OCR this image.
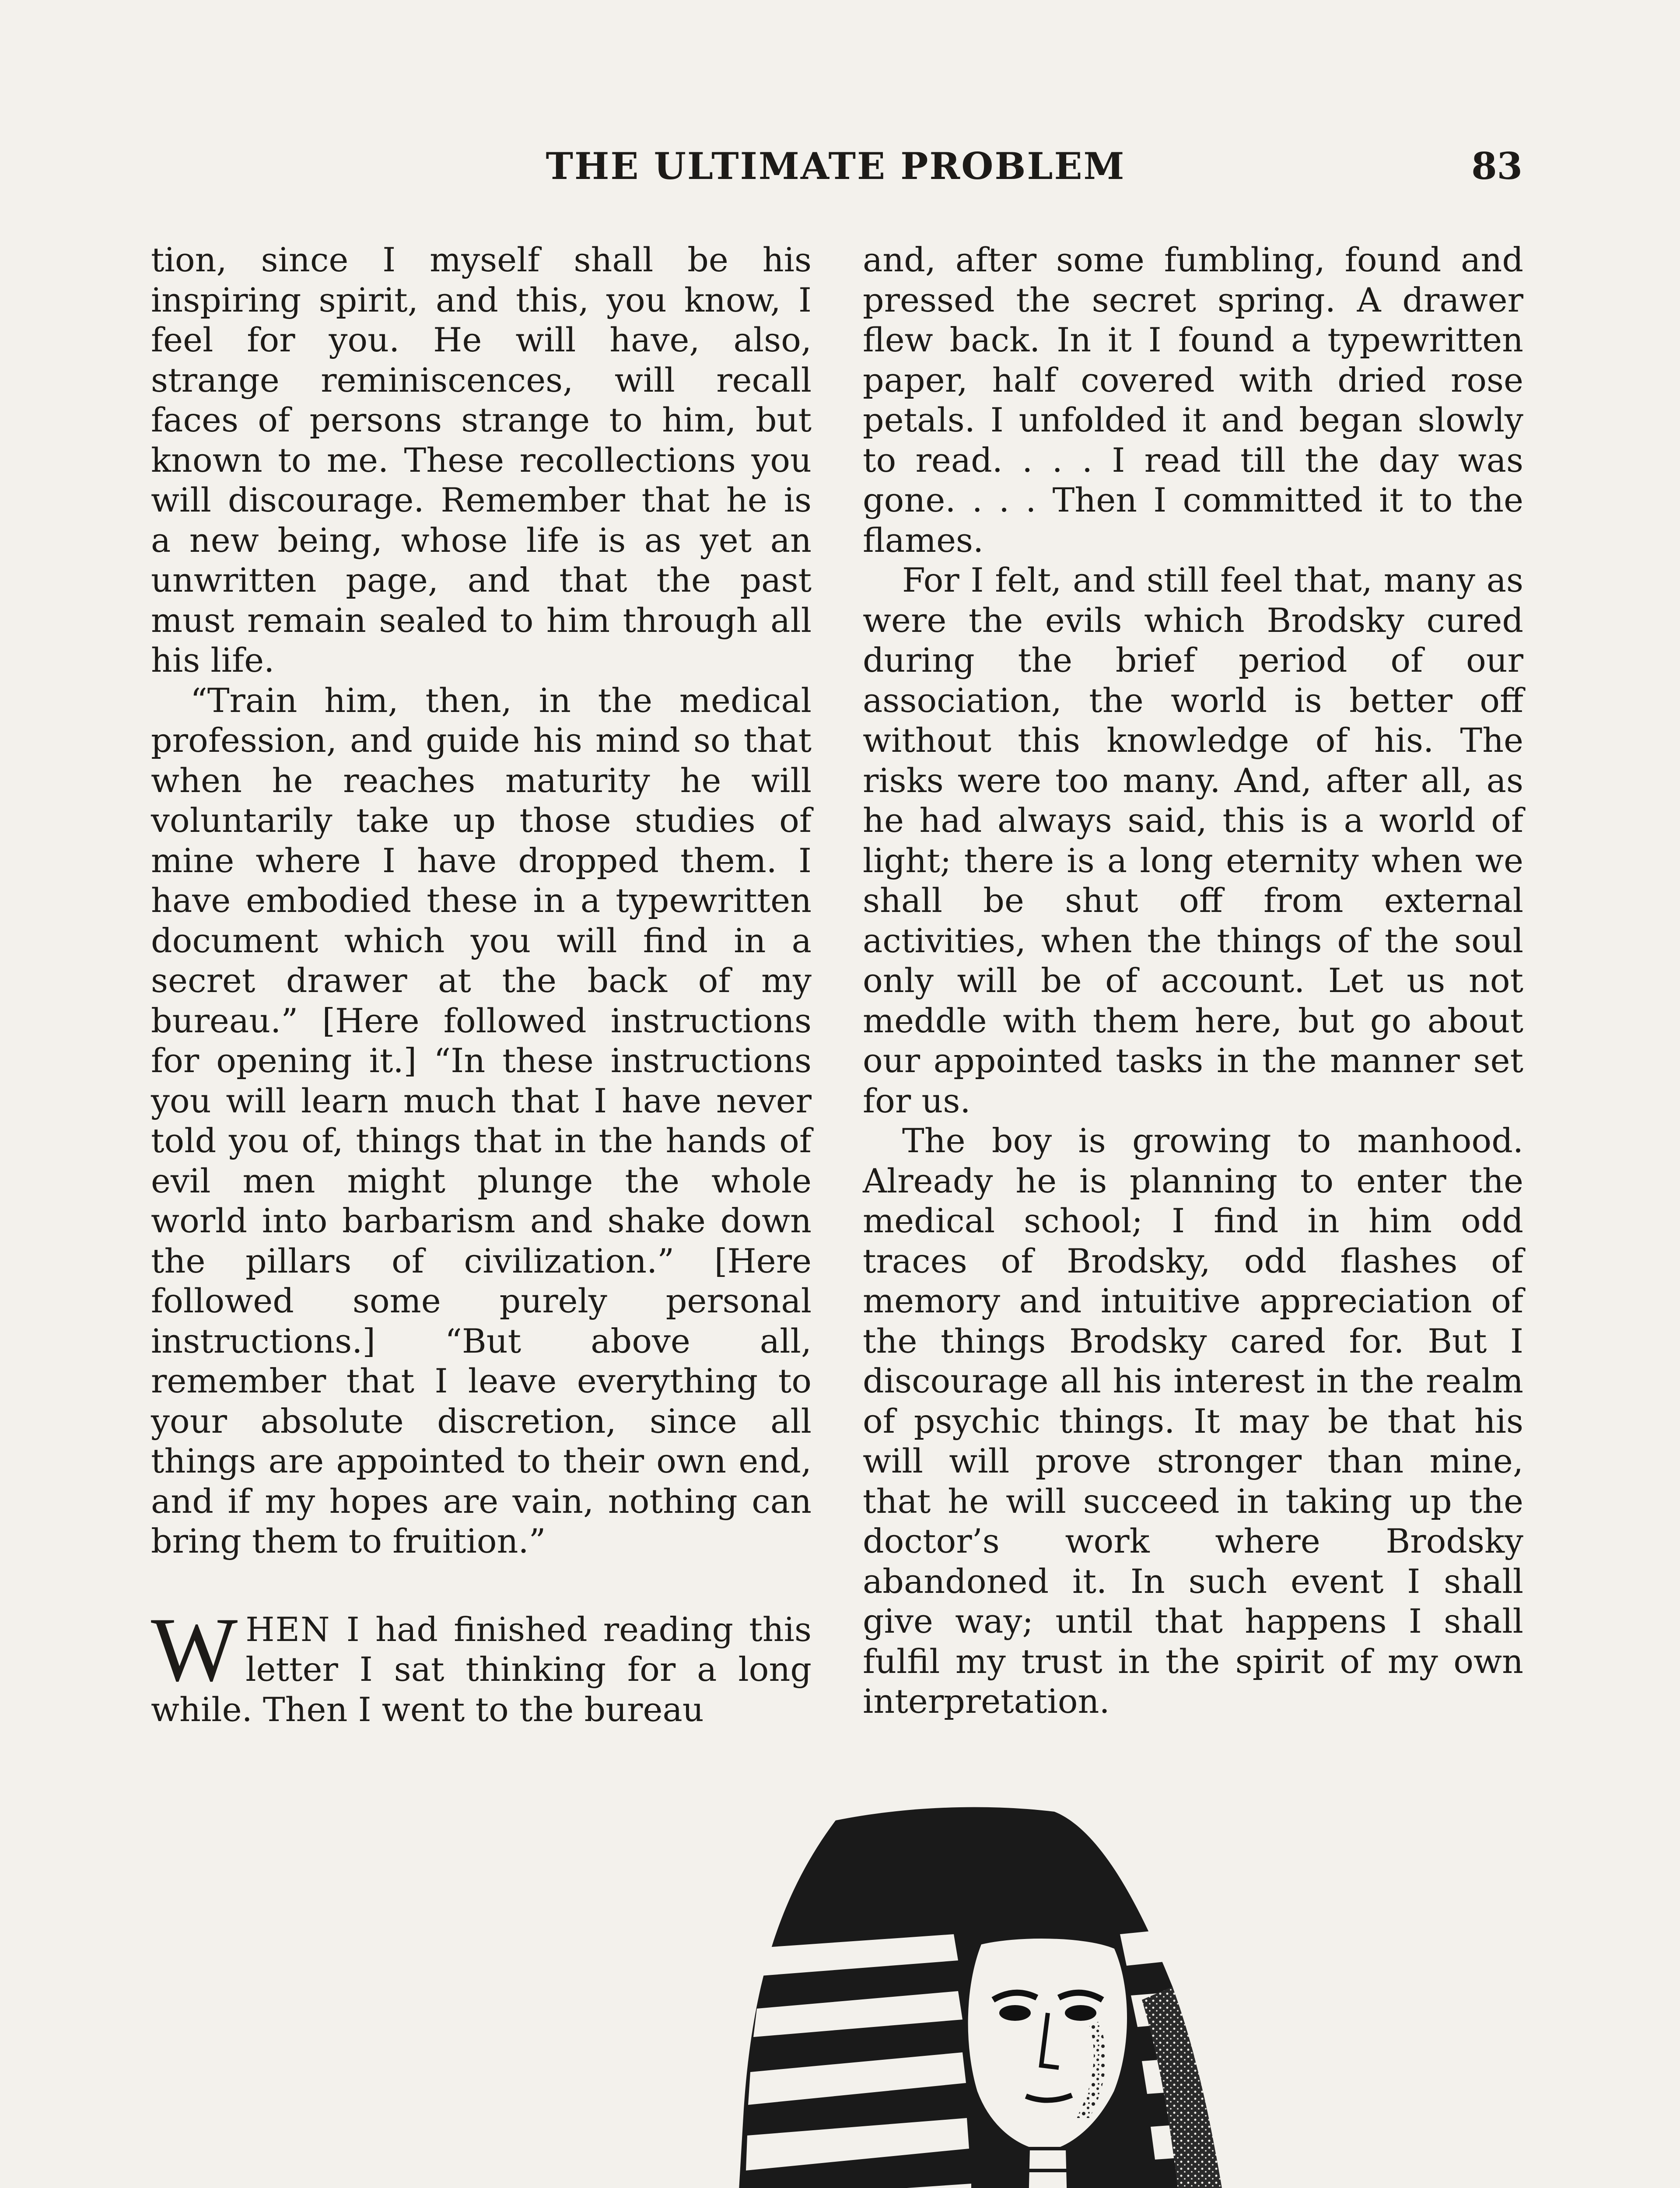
THE ULTIMATE PROBLEM	83

tion, since I myself shall be his inspiring spirit, and this, you know, I feel for you. He will have, also, strange reminiscences, will recall faces of persons strange to him, but known to me. These recollections you will discourage. Remember that he is a new being, whose life is as yet an unwritten page, and that the past must remain sealed to him through all his life.

“Train him, then, in the medical profession, and guide his mind so that when he reaches maturity he will voluntarily take up those studies of mine where I have dropped them. I have embodied these in a typewritten document which you will find in a secret drawer at the back of my bureau.” [Here followed instructions for opening it.] “In these instructions you will learn much that I have never told you of, things that in the hands of evil men might plunge the whole world into barbarism and shake down the pillars of civilization.” [Here followed some purely personal instructions.] “But above all, remember that I leave everything to your absolute discretion, since all things are appointed to their own end, and if my hopes are vain, nothing can bring them to fruition.”

WHEN I had finished reading this letter I sat thinking for a long while. Then I went to the bureau

and, after some fumbling, found and pressed the secret spring. A drawer flew back. In it I found a typewritten paper, half covered with dried rose petals. I unfolded it and began slowly to read. . . . I read till the day was gone. . . . Then I committed it to the flames.

For I felt, and still feel that, many as were the evils which Brodsky cured during the brief period of our association, the world is better off without this knowledge of his. The risks were too many. And, after all, as he had always said, this is a world of light; there is a long eternity when we shall be shut off from external activities, when the things of the soul only will be of account. Let us not meddle with them here, but go about our appointed tasks in the manner set for us.

The boy is growing to manhood. Already he is planning to enter the medical school; I find in him odd traces of Brodsky, odd flashes of memory and intuitive appreciation of the things Brodsky cared for. But I discourage all his interest in the realm of psychic things. It may be that his will will prove stronger than mine, that he will succeed in taking up the doctor’s work where Brodsky abandoned it. In such event I shall give way; until that happens I shall fulfil my trust in the spirit of my own interpretation.
